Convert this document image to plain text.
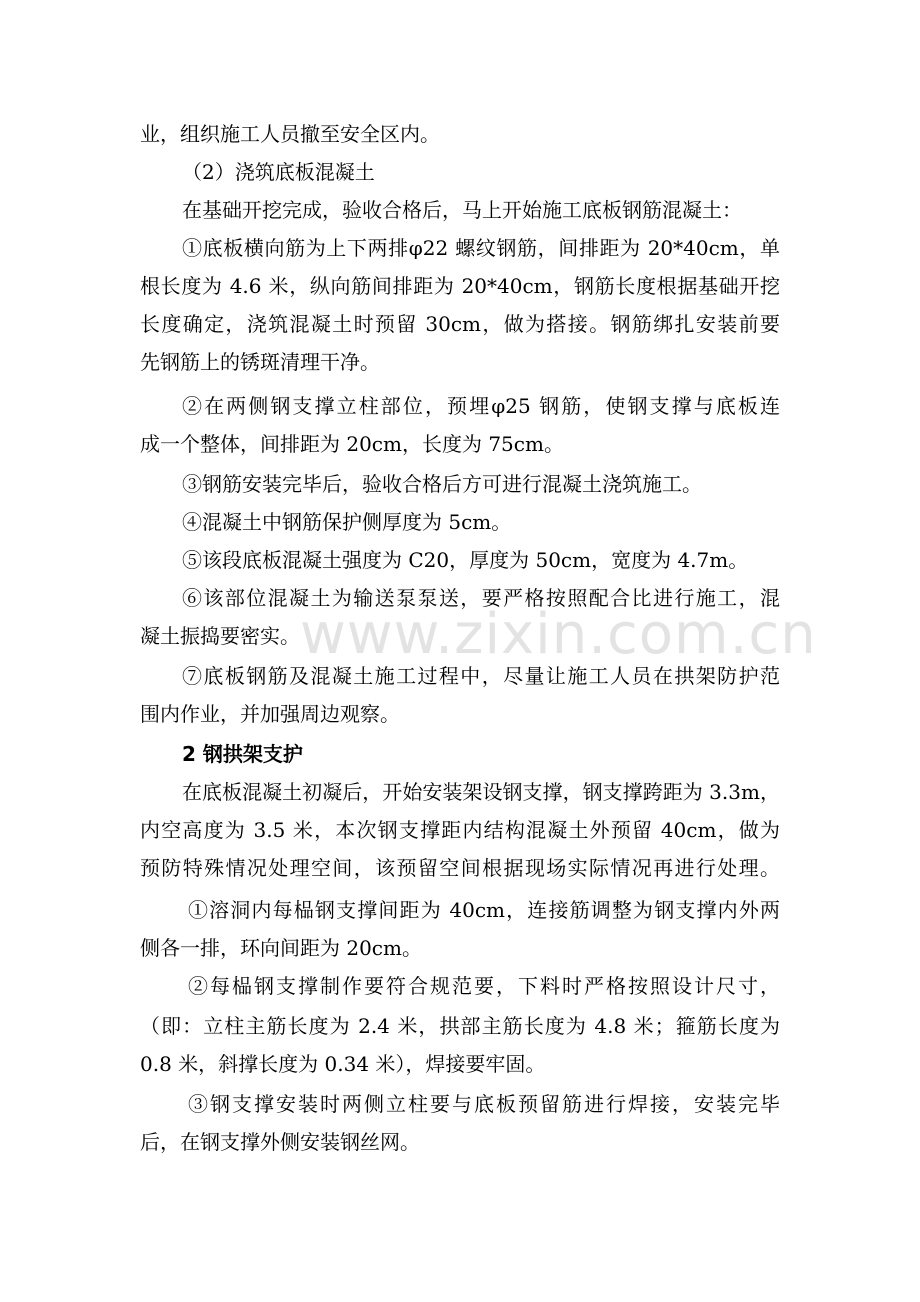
www.zixin.com.cn
业，组织施工人员撤至安全区内。
（2）浇筑底板混凝土
在基础开挖完成，验收合格后，马上开始施工底板钢筋混凝土：
①底板横向筋为上下两排φ22 螺纹钢筋，间排距为 20*40cm，单
根长度为 4.6 米，纵向筋间排距为 20*40cm，钢筋长度根据基础开挖
长度确定，浇筑混凝土时预留 30cm，做为搭接。钢筋绑扎安装前要
先钢筋上的锈斑清理干净。
②在两侧钢支撑立柱部位，预埋φ25 钢筋，使钢支撑与底板连
成一个整体，间排距为 20cm，长度为 75cm。
③钢筋安装完毕后，验收合格后方可进行混凝土浇筑施工。
④混凝土中钢筋保护侧厚度为 5cm。
⑤该段底板混凝土强度为 C20，厚度为 50cm，宽度为 4.7m。
⑥该部位混凝土为输送泵泵送，要严格按照配合比进行施工，混
凝土振捣要密实。
⑦底板钢筋及混凝土施工过程中，尽量让施工人员在拱架防护范
围内作业，并加强周边观察。
2 钢拱架支护
在底板混凝土初凝后，开始安装架设钢支撑，钢支撑跨距为 3.3m，
内空高度为 3.5 米，本次钢支撑距内结构混凝土外预留 40cm，做为
预防特殊情况处理空间，该预留空间根据现场实际情况再进行处理。
①溶洞内每榀钢支撑间距为 40cm，连接筋调整为钢支撑内外两
侧各一排，环向间距为 20cm。
②每榀钢支撑制作要符合规范要，下料时严格按照设计尺寸，
（即：立柱主筋长度为 2.4 米，拱部主筋长度为 4.8 米；箍筋长度为
0.8 米，斜撑长度为 0.34 米），焊接要牢固。
③钢支撑安装时两侧立柱要与底板预留筋进行焊接，安装完毕
后，在钢支撑外侧安装钢丝网。
